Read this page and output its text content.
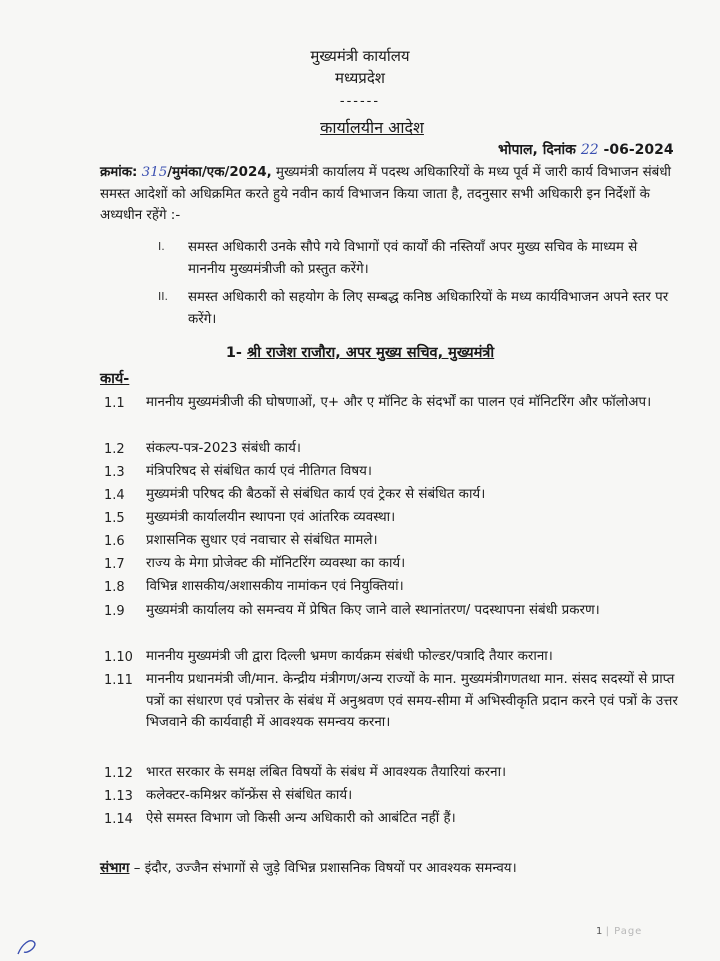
मुख्यमंत्री कार्यालय
मध्यप्रदेश
------
कार्यालयीन आदेश
भोपाल, दिनांक 22 -06-2024
क्रमांक: 315/मुमंका/एक/2024, मुख्यमंत्री कार्यालय में पदस्थ अधिकारियों के मध्य पूर्व में जारी कार्य विभाजन संबंधी समस्त आदेशों को अधिक्रमित करते हुये नवीन कार्य विभाजन किया जाता है, तदनुसार सभी अधिकारी इन निर्देशों के अध्यधीन रहेंगे :-
I. समस्त अधिकारी उनके सौपे गये विभागों एवं कार्यों की नस्तियाँ अपर मुख्य सचिव के माध्यम से माननीय मुख्यमंत्रीजी को प्रस्तुत करेंगे।
II. समस्त अधिकारी को सहयोग के लिए सम्बद्ध कनिष्ठ अधिकारियों के मध्य कार्यविभाजन अपने स्तर पर करेंगे।
1- श्री राजेश राजौरा, अपर मुख्य सचिव, मुख्यमंत्री
कार्य-
1.1 माननीय मुख्यमंत्रीजी की घोषणाओं, ए+ और ए मॉनिट के संदर्भों का पालन एवं मॉनिटरिंग और फॉलोअप।
1.2 संकल्प-पत्र-2023 संबंधी कार्य।
1.3 मंत्रिपरिषद से संबंधित कार्य एवं नीतिगत विषय।
1.4 मुख्यमंत्री परिषद की बैठकों से संबंधित कार्य एवं ट्रेकर से संबंधित कार्य।
1.5 मुख्यमंत्री कार्यालयीन स्थापना एवं आंतरिक व्यवस्था।
1.6 प्रशासनिक सुधार एवं नवाचार से संबंधित मामले।
1.7 राज्य के मेगा प्रोजेक्ट की मॉनिटरिंग व्यवस्था का कार्य।
1.8 विभिन्न शासकीय/अशासकीय नामांकन एवं नियुक्तियां।
1.9 मुख्यमंत्री कार्यालय को समन्वय में प्रेषित किए जाने वाले स्थानांतरण/ पदस्थापना संबंधी प्रकरण।
1.10 माननीय मुख्यमंत्री जी द्वारा दिल्ली भ्रमण कार्यक्रम संबंधी फोल्डर/पत्रादि तैयार कराना।
1.11 माननीय प्रधानमंत्री जी/मान. केन्द्रीय मंत्रीगण/अन्य राज्यों के मान. मुख्यमंत्रीगणतथा मान. संसद सदस्यों से प्राप्त पत्रों का संधारण एवं पत्रोत्तर के संबंध में अनुश्रवण एवं समय-सीमा में अभिस्वीकृति प्रदान करने एवं पत्रों के उत्तर भिजवाने की कार्यवाही में आवश्यक समन्वय करना।
1.12 भारत सरकार के समक्ष लंबित विषयों के संबंध में आवश्यक तैयारियां करना।
1.13 कलेक्टर-कमिश्नर कॉन्फ्रेंस से संबंधित कार्य।
1.14 ऐसे समस्त विभाग जो किसी अन्य अधिकारी को आबंटित नहीं हैं।
संभाग – इंदौर, उज्जैन संभागों से जुड़े विभिन्न प्रशासनिक विषयों पर आवश्यक समन्वय।
1 | Page
